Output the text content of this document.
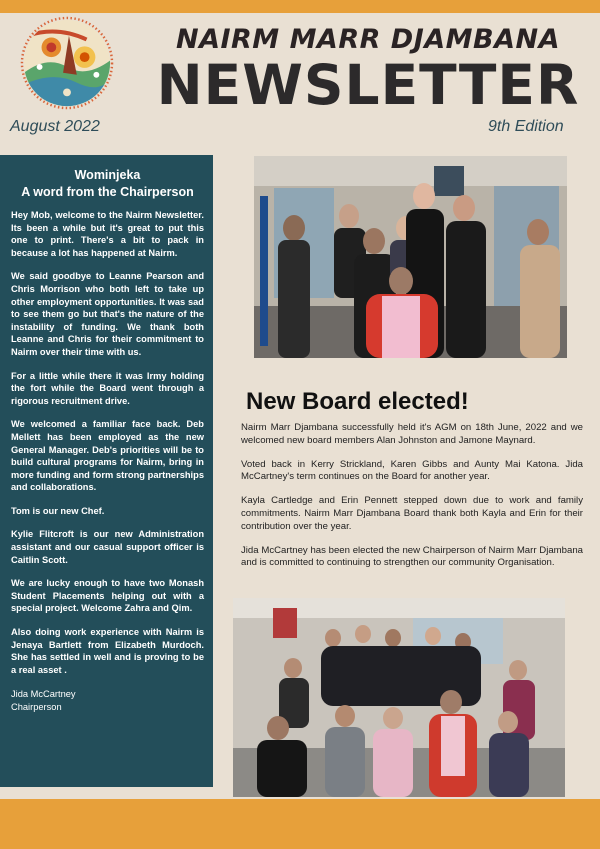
NAIRM MARR DJAMBANA
NEWSLETTER
August 2022	9th Edition
Wominjeka
A word from the Chairperson

Hey Mob, welcome to the Nairm Newsletter. Its been a while but it's great to put this one to print. There's a bit to pack in because a lot has happened at Nairm.

We said goodbye to Leanne Pearson and Chris Morrison who both left to take up other employment opportunities. It was sad to see them go but that's the nature of the instability of funding. We thank both Leanne and Chris for their commitment to Nairm over their time with us.

For a little while there it was Irmy holding the fort while the Board went through a rigorous recruitment drive.

We welcomed a familiar face back. Deb Mellett has been employed as the new General Manager. Deb's priorities will be to build cultural programs for Nairm, bring in more funding and form strong partnerships and collaborations.

Tom is our new Chef.

Kylie Flitcroft is our new Administration assistant and our casual support officer is Caitlin Scott.

We are lucky enough to have two Monash Student Placements helping out with a special project. Welcome Zahra and Qim.

Also doing work experience with Nairm is Jenaya Bartlett from Elizabeth Murdoch. She has settled in well and is proving to be a real asset .

Jida McCartney
Chairperson
New Board elected!

Nairm Marr Djambana successfully held it's AGM on 18th June, 2022 and we welcomed new board members Alan Johnston and Jamone Maynard.

Voted back in Kerry Strickland, Karen Gibbs and Aunty Mai Katona. Jida McCartney's term continues on the Board for another year.

Kayla Cartledge and Erin Pennett stepped down due to work and family commitments. Nairm Marr Djambana Board thank both Kayla and Erin for their contribution over the year.

Jida McCartney has been elected the new Chairperson of Nairm Marr Djambana and is committed to continuing to strengthen our community Organisation.
